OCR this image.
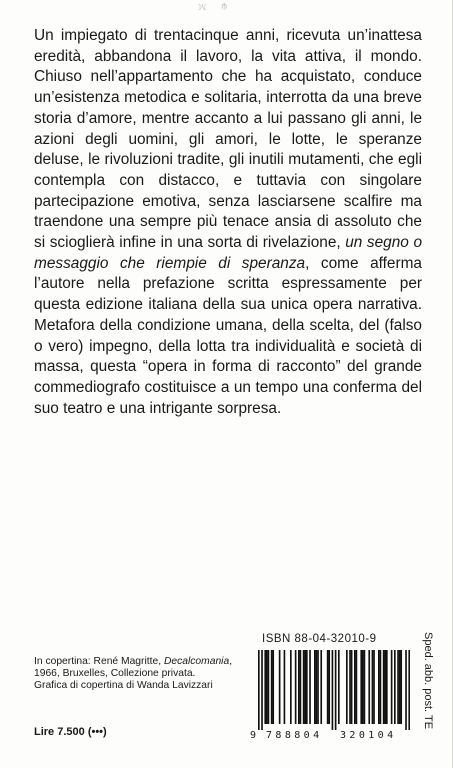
ψ   ℳ

Un impiegato di trentacinque anni, ricevuta un’inattesa eredità, abbandona il lavoro, la vita attiva, il mondo. Chiuso nell’appartamento che ha acquistato, conduce un’esistenza metodica e solitaria, interrotta da una breve storia d’amore, mentre accanto a lui passano gli anni, le azioni degli uomini, gli amori, le lotte, le speranze deluse, le rivoluzioni tradite, gli inutili mutamenti, che egli contempla con distacco, e tuttavia con singolare partecipazione emotiva, senza lasciarsene scalfire ma traendone una sempre più tenace ansia di assoluto che si scioglierà infine in una sorta di rivelazione, un segno o messaggio che riempie di speranza, come afferma l’autore nella prefazione scritta espressamente per questa edizione italiana della sua unica opera narrativa. Metafora della condizione umana, della scelta, del (falso o vero) impegno, della lotta tra individualità e società di massa, questa “opera in forma di racconto” del grande commediografo costituisce a un tempo una conferma del suo teatro e una intrigante sorpresa.

In copertina: René Magritte, Decalcomania,
1966, Bruxelles, Collezione privata.
Grafica di copertina di Wanda Lavizzari

Lire 7.500 (•••)
ISBN 88-04-32010-9
9 788804 320104
Sped. abb. post. TE
